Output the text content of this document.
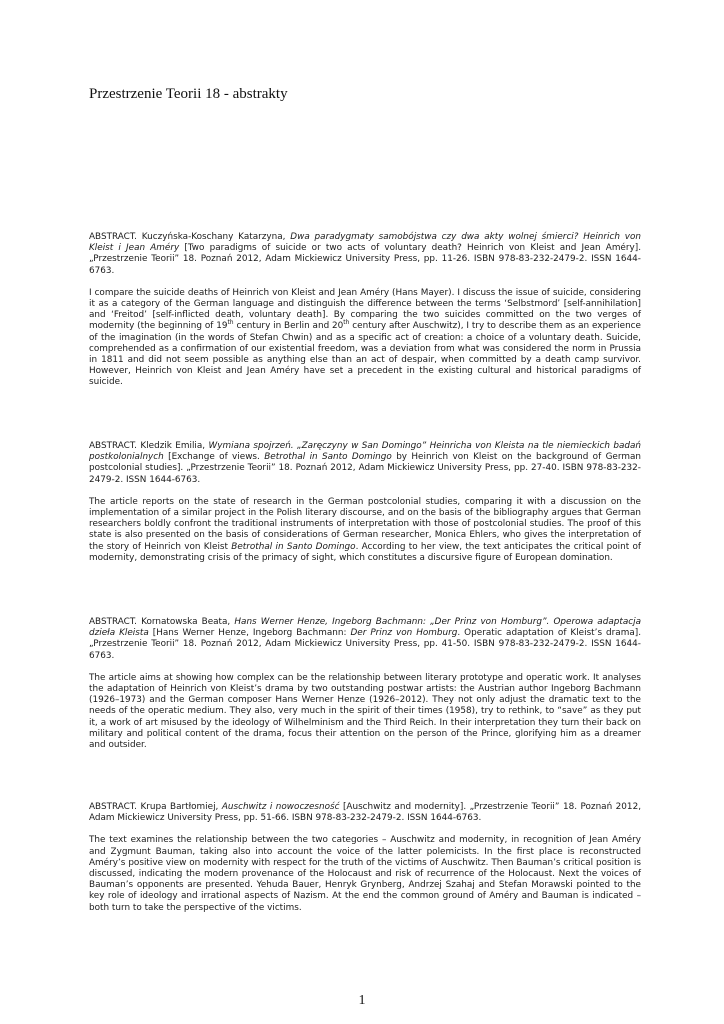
Przestrzenie Teorii 18 - abstrakty

ABSTRACT. Kuczyńska-Koschany Katarzyna, Dwa paradygmaty samobójstwa czy dwa akty wolnej śmierci? Heinrich von Kleist i Jean Améry [Two paradigms of suicide or two acts of voluntary death? Heinrich von Kleist and Jean Améry]. „Przestrzenie Teorii” 18. Poznań 2012, Adam Mickiewicz University Press, pp. 11-26. ISBN 978-83-232-2479-2. ISSN 1644-6763.

I compare the suicide deaths of Heinrich von Kleist and Jean Améry (Hans Mayer). I discuss the issue of suicide, considering it as a category of the German language and distinguish the difference between the terms ‘Selbstmord’ [self-annihilation] and ‘Freitod’ [self-inflicted death, voluntary death]. By comparing the two suicides committed on the two verges of modernity (the beginning of 19th century in Berlin and 20th century after Auschwitz), I try to describe them as an experience of the imagination (in the words of Stefan Chwin) and as a specific act of creation: a choice of a voluntary death. Suicide, comprehended as a confirmation of our existential freedom, was a deviation from what was considered the norm in Prussia in 1811 and did not seem possible as anything else than an act of despair, when committed by a death camp survivor. However, Heinrich von Kleist and Jean Améry have set a precedent in the existing cultural and historical paradigms of suicide.

ABSTRACT. Kledzik Emilia, Wymiana spojrzeń. „Zaręczyny w San Domingo” Heinricha von Kleista na tle niemieckich badań postkolonialnych [Exchange of views. Betrothal in Santo Domingo by Heinrich von Kleist on the background of German postcolonial studies]. „Przestrzenie Teorii” 18. Poznań 2012, Adam Mickiewicz University Press, pp. 27-40. ISBN 978-83-232-2479-2. ISSN 1644-6763.

The article reports on the state of research in the German postcolonial studies, comparing it with a discussion on the implementation of a similar project in the Polish literary discourse, and on the basis of the bibliography argues that German researchers boldly confront the traditional instruments of interpretation with those of postcolonial studies. The proof of this state is also presented on the basis of considerations of German researcher, Monica Ehlers, who gives the interpretation of the story of Heinrich von Kleist Betrothal in Santo Domingo. According to her view, the text anticipates the critical point of modernity, demonstrating crisis of the primacy of sight, which constitutes a discursive figure of European domination.

ABSTRACT. Kornatowska Beata, Hans Werner Henze, Ingeborg Bachmann: „Der Prinz von Homburg”. Operowa adaptacja dzieła Kleista [Hans Werner Henze, Ingeborg Bachmann: Der Prinz von Homburg. Operatic adaptation of Kleist’s drama]. „Przestrzenie Teorii” 18. Poznań 2012, Adam Mickiewicz University Press, pp. 41-50. ISBN 978-83-232-2479-2. ISSN 1644-6763.

The article aims at showing how complex can be the relationship between literary prototype and operatic work. It analyses the adaptation of Heinrich von Kleist’s drama by two outstanding postwar artists: the Austrian author Ingeborg Bachmann (1926–1973) and the German composer Hans Werner Henze (1926–2012). They not only adjust the dramatic text to the needs of the operatic medium. They also, very much in the spirit of their times (1958), try to rethink, to “save” as they put it, a work of art misused by the ideology of Wilhelminism and the Third Reich. In their interpretation they turn their back on military and political content of the drama, focus their attention on the person of the Prince, glorifying him as a dreamer and outsider.

ABSTRACT. Krupa Bartłomiej, Auschwitz i nowoczesność [Auschwitz and modernity]. „Przestrzenie Teorii” 18. Poznań 2012, Adam Mickiewicz University Press, pp. 51-66. ISBN 978-83-232-2479-2. ISSN 1644-6763.

The text examines the relationship between the two categories – Auschwitz and modernity, in recognition of Jean Améry and Zygmunt Bauman, taking also into account the voice of the latter polemicists. In the first place is reconstructed Améry’s positive view on modernity with respect for the truth of the victims of Auschwitz. Then Bauman’s critical position is discussed, indicating the modern provenance of the Holocaust and risk of recurrence of the Holocaust. Next the voices of Bauman’s opponents are presented. Yehuda Bauer, Henryk Grynberg, Andrzej Szahaj and Stefan Morawski pointed to the key role of ideology and irrational aspects of Nazism. At the end the common ground of Améry and Bauman is indicated – both turn to take the perspective of the victims.

1
